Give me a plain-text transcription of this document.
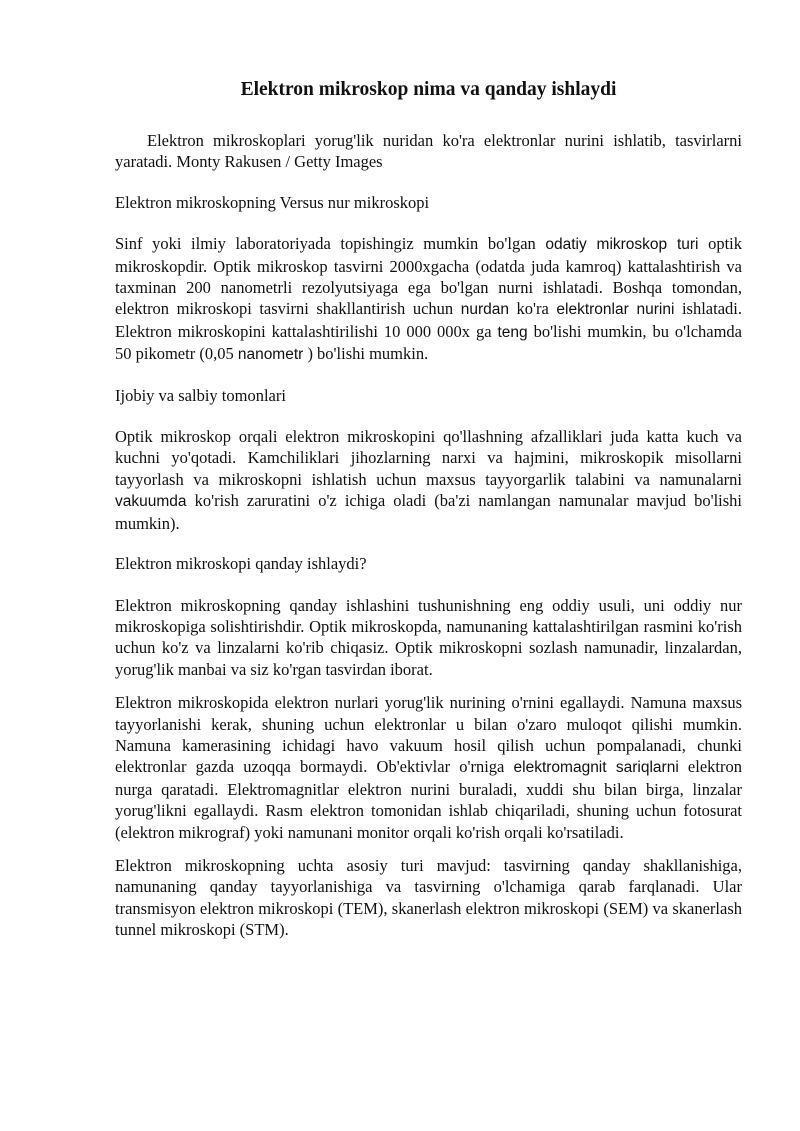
Elektron mikroskop nima va qanday ishlaydi

Elektron mikroskoplari yorug'lik nuridan ko'ra elektronlar nurini ishlatib, tasvirlarni yaratadi. Monty Rakusen / Getty Images

Elektron mikroskopning Versus nur mikroskopi

Sinf yoki ilmiy laboratoriyada topishingiz mumkin bo'lgan odatiy mikroskop turi optik mikroskopdir. Optik mikroskop tasvirni 2000xgacha (odatda juda kamroq) kattalashtirish va taxminan 200 nanometrli rezolyutsiyaga ega bo'lgan nurni ishlatadi. Boshqa tomondan, elektron mikroskopi tasvirni shakllantirish uchun nurdan ko'ra elektronlar nurini ishlatadi. Elektron mikroskopini kattalashtirilishi 10 000 000x ga teng bo'lishi mumkin, bu o'lchamda 50 pikometr (0,05 nanometr ) bo'lishi mumkin.

Ijobiy va salbiy tomonlari

Optik mikroskop orqali elektron mikroskopini qo'llashning afzalliklari juda katta kuch va kuchni yo'qotadi. Kamchiliklari jihozlarning narxi va hajmini, mikroskopik misollarni tayyorlash va mikroskopni ishlatish uchun maxsus tayyorgarlik talabini va namunalarni vakuumda ko'rish zaruratini o'z ichiga oladi (ba'zi namlangan namunalar mavjud bo'lishi mumkin).

Elektron mikroskopi qanday ishlaydi?

Elektron mikroskopning qanday ishlashini tushunishning eng oddiy usuli, uni oddiy nur mikroskopiga solishtirishdir. Optik mikroskopda, namunaning kattalashtirilgan rasmini ko'rish uchun ko'z va linzalarni ko'rib chiqasiz. Optik mikroskopni sozlash namunadir, linzalardan, yorug'lik manbai va siz ko'rgan tasvirdan iborat.

Elektron mikroskopida elektron nurlari yorug'lik nurining o'rnini egallaydi. Namuna maxsus tayyorlanishi kerak, shuning uchun elektronlar u bilan o'zaro muloqot qilishi mumkin. Namuna kamerasining ichidagi havo vakuum hosil qilish uchun pompalanadi, chunki elektronlar gazda uzoqqa bormaydi. Ob'ektivlar o'rniga elektromagnit sariqlarni elektron nurga qaratadi. Elektromagnitlar elektron nurini buraladi, xuddi shu bilan birga, linzalar yorug'likni egallaydi. Rasm elektron tomonidan ishlab chiqariladi, shuning uchun fotosurat (elektron mikrograf) yoki namunani monitor orqali ko'rish orqali ko'rsatiladi.

Elektron mikroskopning uchta asosiy turi mavjud: tasvirning qanday shakllanishiga, namunaning qanday tayyorlanishiga va tasvirning o'lchamiga qarab farqlanadi. Ular transmisyon elektron mikroskopi (TEM), skanerlash elektron mikroskopi (SEM) va skanerlash tunnel mikroskopi (STM).
